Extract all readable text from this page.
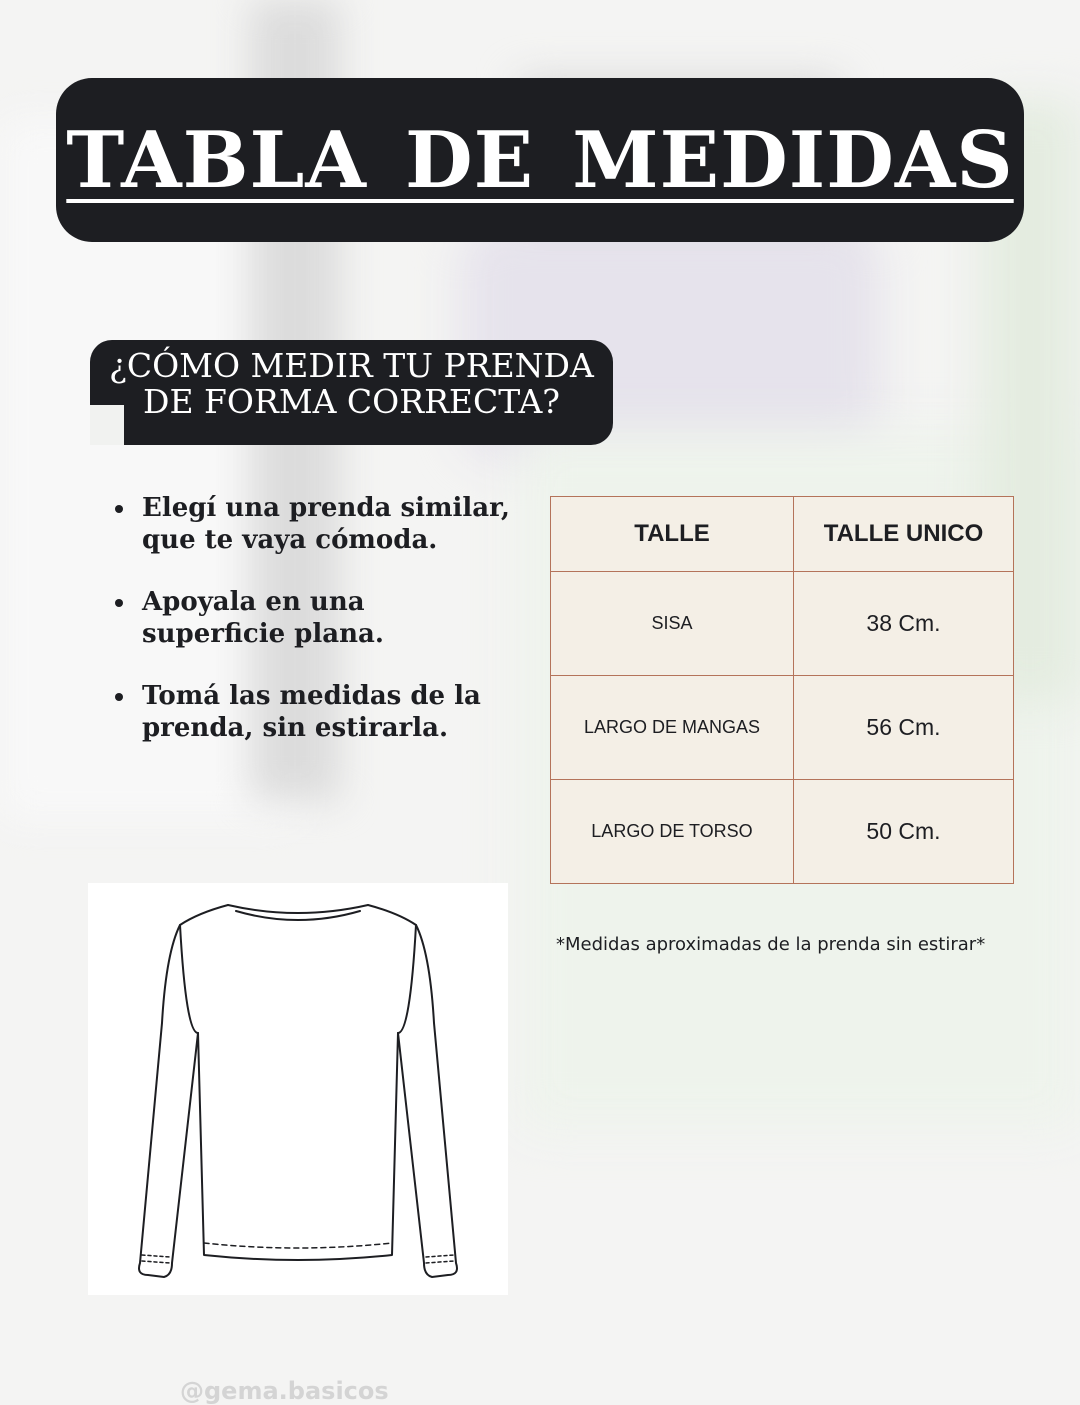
TABLA DE MEDIDAS
¿CÓMO MEDIR TU PRENDA
DE FORMA CORRECTA?
Elegí una prenda similar, que te vaya cómoda.
Apoyala en una superficie plana.
Tomá las medidas de la prenda, sin estirarla.
TALLE	TALLE UNICO
SISA	38 Cm.
LARGO DE MANGAS	56 Cm.
LARGO DE TORSO	50 Cm.
*Medidas aproximadas de la prenda sin estirar*
@gema.basicos
